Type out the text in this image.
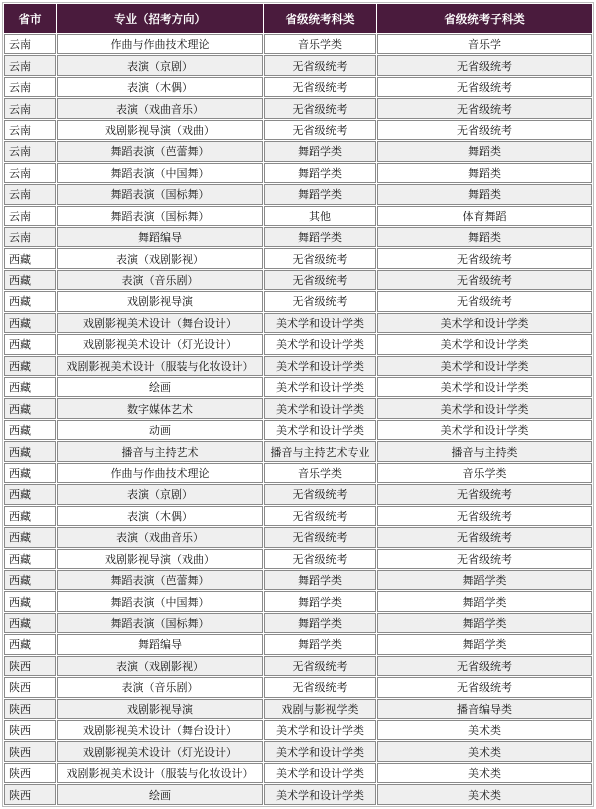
省市	专业（招考方向）	省级统考科类	省级统考子科类
云南	作曲与作曲技术理论	音乐学类	音乐学
云南	表演（京剧）	无省级统考	无省级统考
云南	表演（木偶）	无省级统考	无省级统考
云南	表演（戏曲音乐）	无省级统考	无省级统考
云南	戏剧影视导演（戏曲）	无省级统考	无省级统考
云南	舞蹈表演（芭蕾舞）	舞蹈学类	舞蹈类
云南	舞蹈表演（中国舞）	舞蹈学类	舞蹈类
云南	舞蹈表演（国标舞）	舞蹈学类	舞蹈类
云南	舞蹈表演（国标舞）	其他	体育舞蹈
云南	舞蹈编导	舞蹈学类	舞蹈类
西藏	表演（戏剧影视）	无省级统考	无省级统考
西藏	表演（音乐剧）	无省级统考	无省级统考
西藏	戏剧影视导演	无省级统考	无省级统考
西藏	戏剧影视美术设计（舞台设计）	美术学和设计学类	美术学和设计学类
西藏	戏剧影视美术设计（灯光设计）	美术学和设计学类	美术学和设计学类
西藏	戏剧影视美术设计（服装与化妆设计）	美术学和设计学类	美术学和设计学类
西藏	绘画	美术学和设计学类	美术学和设计学类
西藏	数字媒体艺术	美术学和设计学类	美术学和设计学类
西藏	动画	美术学和设计学类	美术学和设计学类
西藏	播音与主持艺术	播音与主持艺术专业	播音与主持类
西藏	作曲与作曲技术理论	音乐学类	音乐学类
西藏	表演（京剧）	无省级统考	无省级统考
西藏	表演（木偶）	无省级统考	无省级统考
西藏	表演（戏曲音乐）	无省级统考	无省级统考
西藏	戏剧影视导演（戏曲）	无省级统考	无省级统考
西藏	舞蹈表演（芭蕾舞）	舞蹈学类	舞蹈学类
西藏	舞蹈表演（中国舞）	舞蹈学类	舞蹈学类
西藏	舞蹈表演（国标舞）	舞蹈学类	舞蹈学类
西藏	舞蹈编导	舞蹈学类	舞蹈学类
陕西	表演（戏剧影视）	无省级统考	无省级统考
陕西	表演（音乐剧）	无省级统考	无省级统考
陕西	戏剧影视导演	戏剧与影视学类	播音编导类
陕西	戏剧影视美术设计（舞台设计）	美术学和设计学类	美术类
陕西	戏剧影视美术设计（灯光设计）	美术学和设计学类	美术类
陕西	戏剧影视美术设计（服装与化妆设计）	美术学和设计学类	美术类
陕西	绘画	美术学和设计学类	美术类
